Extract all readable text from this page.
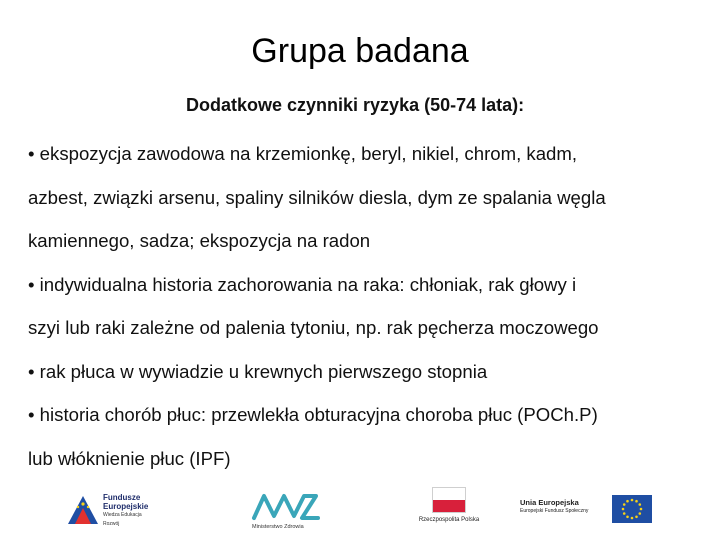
Grupa badana
Dodatkowe czynniki ryzyka (50-74 lata):
• ekspozycja zawodowa na krzemionkę, beryl, nikiel, chrom, kadm,
azbest, związki arsenu, spaliny silników diesla, dym ze spalania węgla
kamiennego, sadza; ekspozycja na radon
• indywidualna historia zachorowania na raka: chłoniak, rak głowy i
szyi lub raki zależne od palenia tytoniu, np. rak pęcherza moczowego
• rak płuca w wywiadzie u krewnych pierwszego stopnia
• historia chorób płuc: przewlekła obturacyjna choroba płuc (POCh.P)
lub włóknienie płuc (IPF)
Fundusze
Europejskie
Wiedza Edukacja Rozwój	Ministerstwo Zdrowia
Rzeczpospolita Polska
Unia Europejska
Europejski Fundusz Społeczny
